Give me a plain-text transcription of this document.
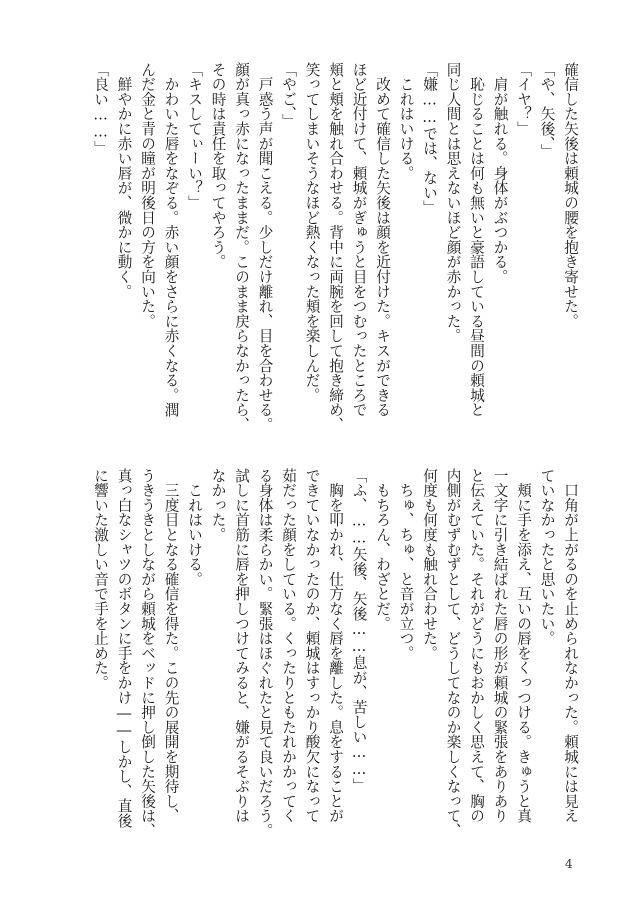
確信した矢後は頼城の腰を抱き寄せた。
「や、矢後、」
「イヤ？」
　肩が触れる。身体がぶつかる。
　恥じることは何も無いと豪語している昼間の頼城と
同じ人間とは思えないほど顔が赤かった。
「嫌……では、ない」
　これはいける。
　改めて確信した矢後は顔を近付けた。キスができる
ほど近付けて、頼城がぎゅうと目をつむったところで
頬と頬を触れ合わせる。背中に両腕を回して抱き締め、
笑ってしまいそうなほど熱くなった頬を楽しんだ。
「やご、」
　戸惑う声が聞こえる。少しだけ離れ、目を合わせる。
顔が真っ赤になったままだ。このまま戻らなかったら、
その時は責任を取ってやろう。
「キスしてぃーい？」
　かわいた唇をなぞる。赤い顔をさらに赤くなる。潤
んだ金と青の瞳が明後日の方を向いた。
　鮮やかに赤い唇が、微かに動く。
「良い……」
　口角が上がるのを止められなかった。頼城には見え
ていなかったと思いたい。
　頬に手を添え、互いの唇をくっつける。きゅうと真
一文字に引き結ばれた唇の形が頼城の緊張をありあり
と伝えていた。それがどうにもおかしく思えて、胸の
内側がむずむずとして、どうしてなのか楽しくなって、
何度も何度も触れ合わせた。
　ちゅ、ちゅ、と音が立つ。
　もちろん、わざとだ。
「ふ、……矢後、矢後……息が、苦しい……」
　胸を叩かれ、仕方なく唇を離した。息をすることが
できていなかったのか、頼城はすっかり酸欠になって
茹だった顔をしている。くったりともたれかかってく
る身体は柔らかい。緊張はほぐれたと見て良いだろう。
試しに首筋に唇を押しつけてみると、嫌がるそぶりは
なかった。
　これはいける。
　三度目となる確信を得た。この先の展開を期待し、
うきうきとしながら頼城をベッドに押し倒した矢後は、
真っ白なシャツのボタンに手をかけ――しかし、直後
に響いた激しい音で手を止めた。
4
